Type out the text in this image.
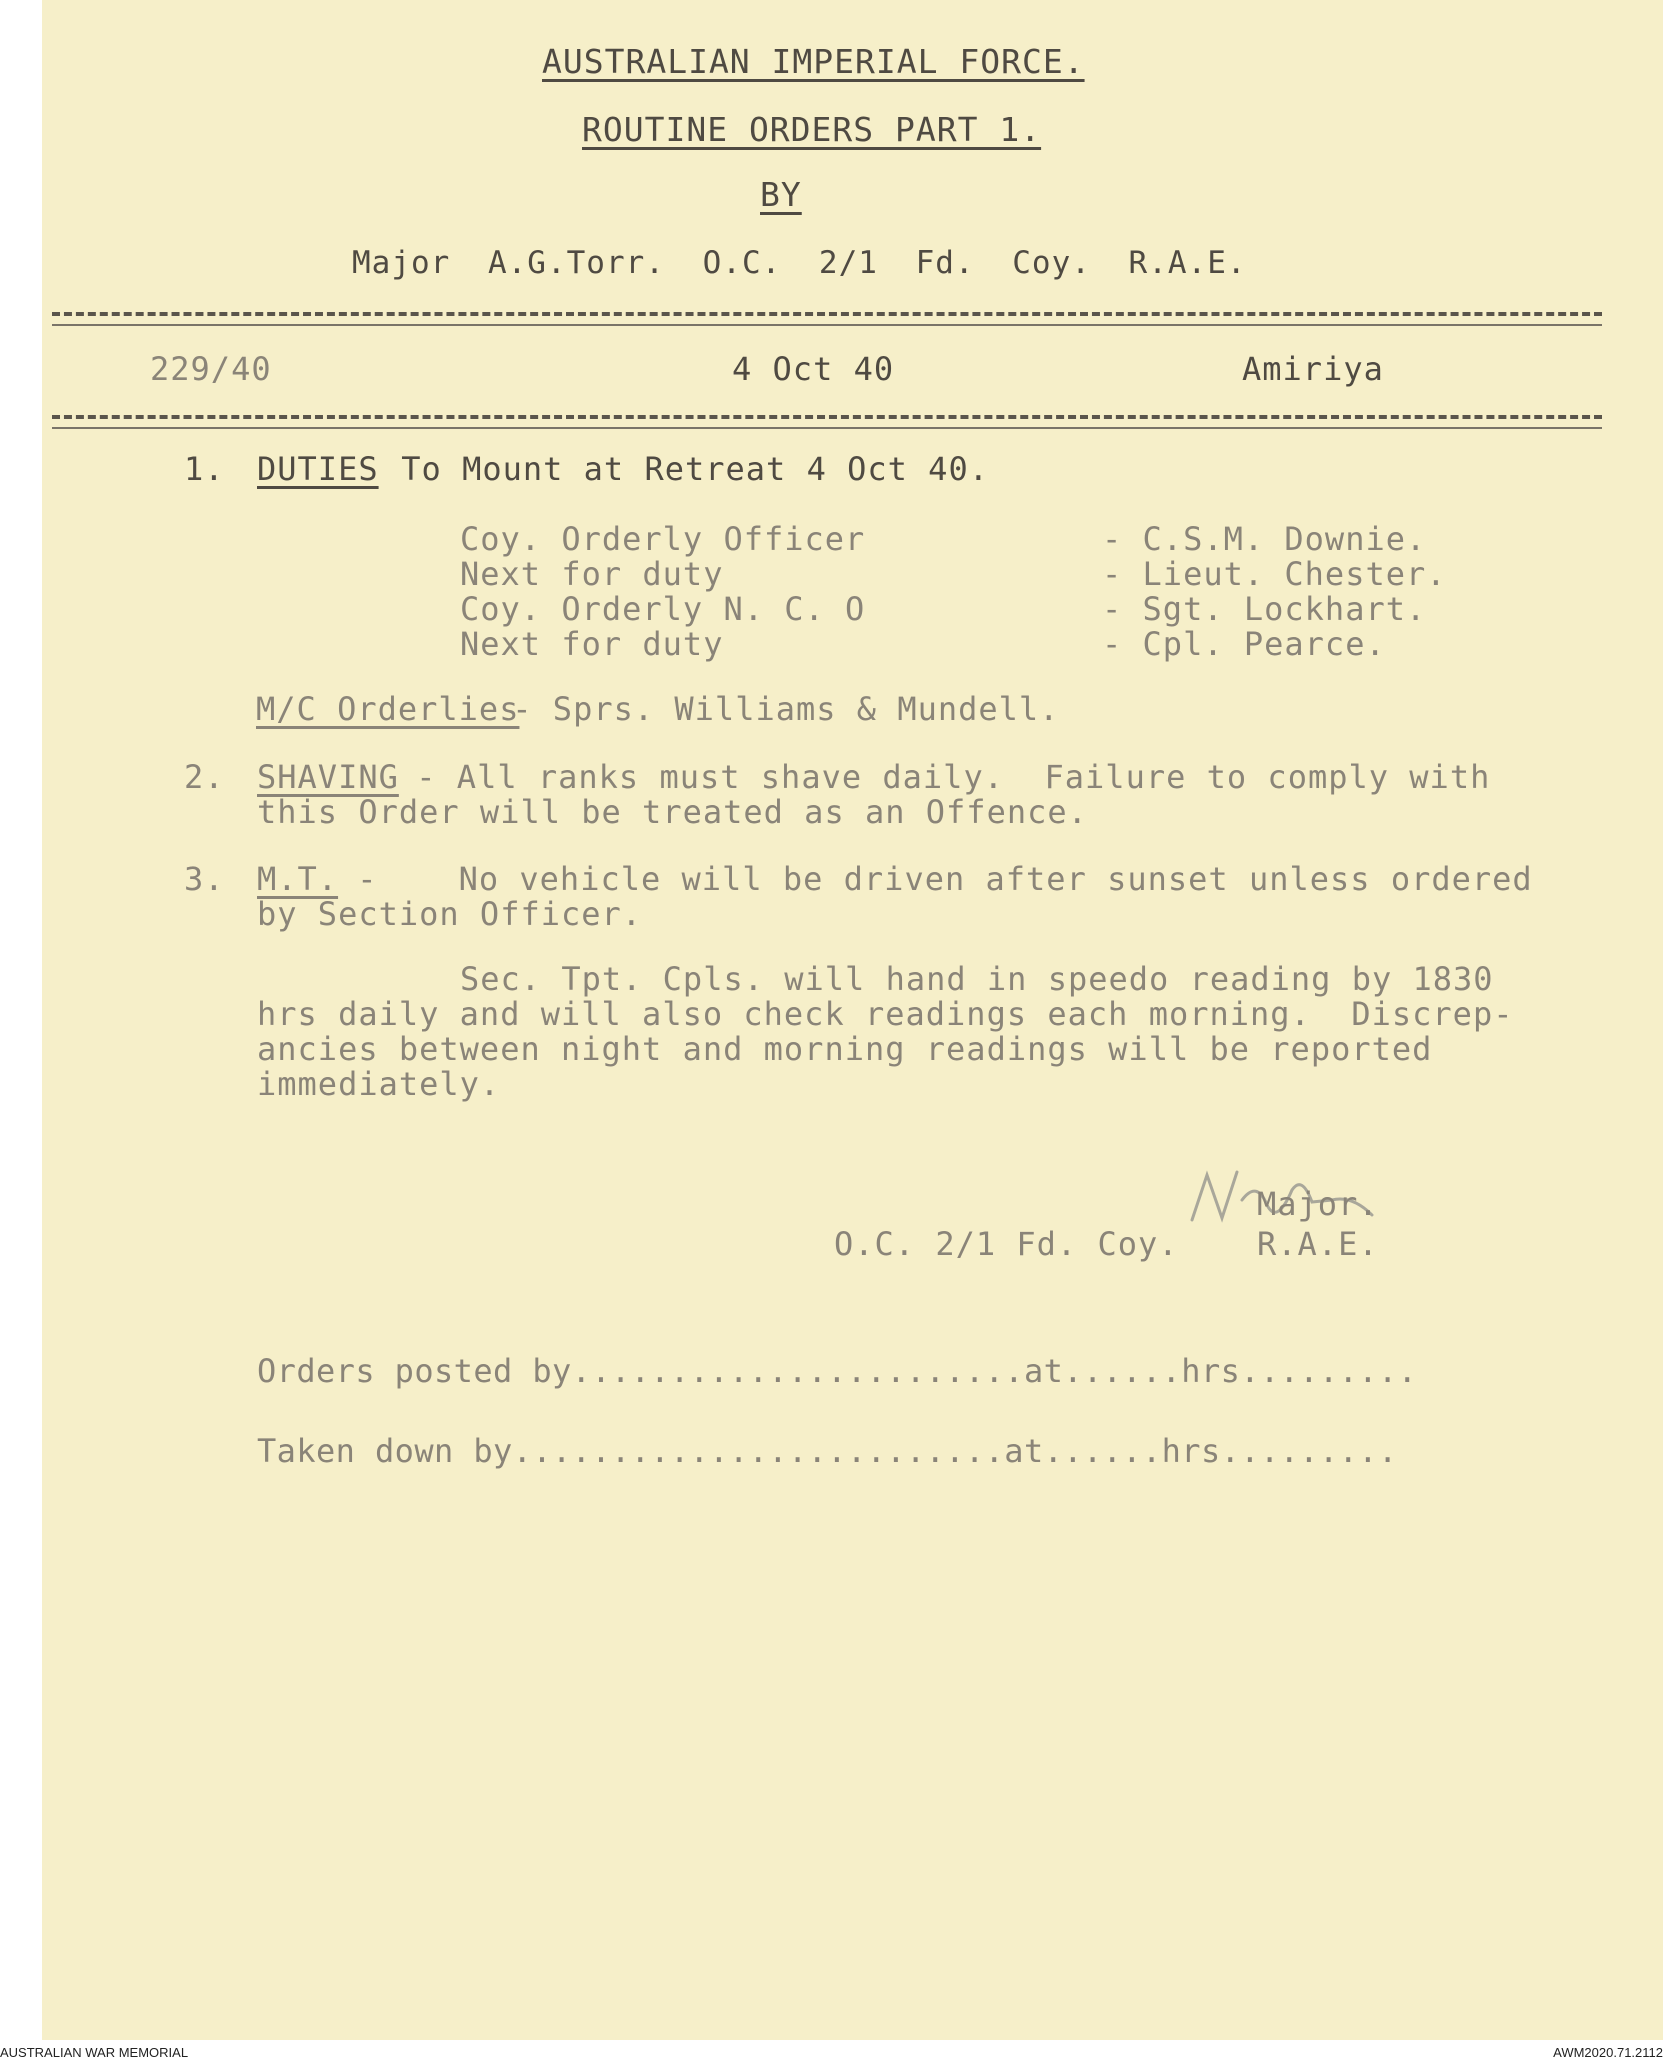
AUSTRALIAN IMPERIAL FORCE.
ROUTINE ORDERS PART 1.
BY
Major A.G.Torr. O.C. 2/1 Fd. Coy. R.A.E.
229/40	4 Oct 40	Amiriya
1. DUTIES To Mount at Retreat 4 Oct 40.
Coy. Orderly Officer	- C.S.M. Downie.
Next for duty	- Lieut. Chester.
Coy. Orderly N. C. O	- Sgt. Lockhart.
Next for duty	- Cpl. Pearce.
M/C Orderlies
- Sprs. Williams & Mundell.
2. SHAVING
- All ranks must shave daily.  Failure to comply with
this Order will be treated as an Offence.
3. M.T.
-    No vehicle will be driven after sunset unless ordered
by Section Officer.
Sec. Tpt. Cpls. will hand in speedo reading by 1830
hrs daily and will also check readings each morning.  Discrep-
ancies between night and morning readings will be reported
immediately.
Major.
O.C. 2/1 Fd. Coy. R.A.E.
Orders posted by.......................at......hrs.........
Taken down by.........................at......hrs.........
AUSTRALIAN WAR MEMORIAL	AWM2020.71.2112
